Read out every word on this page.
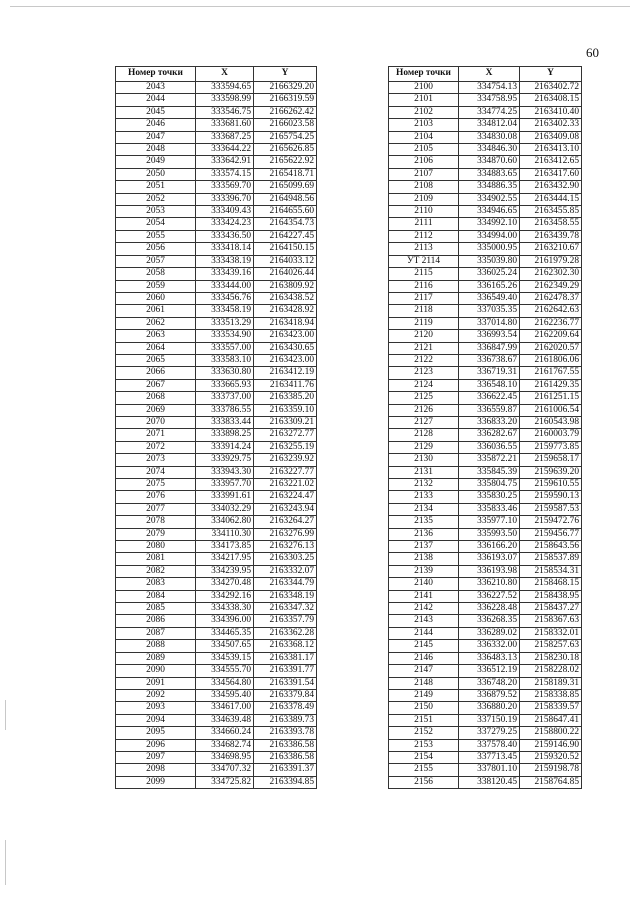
60
Номер точки	X	Y
2043	333594.65	2166329.20
2044	333598.99	2166319.59
2045	333546.75	2166262.42
2046	333681.60	2166023.58
2047	333687.25	2165754.25
2048	333644.22	2165626.85
2049	333642.91	2165622.92
2050	333574.15	2165418.71
2051	333569.70	2165099.69
2052	333396.70	2164948.56
2053	333409.43	2164655.60
2054	333424.23	2164354.73
2055	333436.50	2164227.45
2056	333418.14	2164150.15
2057	333438.19	2164033.12
2058	333439.16	2164026.44
2059	333444.00	2163809.92
2060	333456.76	2163438.52
2061	333458.19	2163428.92
2062	333513.29	2163418.94
2063	333534.90	2163423.00
2064	333557.00	2163430.65
2065	333583.10	2163423.00
2066	333630.80	2163412.19
2067	333665.93	2163411.76
2068	333737.00	2163385.20
2069	333786.55	2163359.10
2070	333833.44	2163309.21
2071	333898.25	2163272.77
2072	333914.24	2163255.19
2073	333929.75	2163239.92
2074	333943.30	2163227.77
2075	333957.70	2163221.02
2076	333991.61	2163224.47
2077	334032.29	2163243.94
2078	334062.80	2163264.27
2079	334110.30	2163276.99
2080	334173.85	2163276.13
2081	334217.95	2163303.25
2082	334239.95	2163332.07
2083	334270.48	2163344.79
2084	334292.16	2163348.19
2085	334338.30	2163347.32
2086	334396.00	2163357.79
2087	334465.35	2163362.28
2088	334507.65	2163368.12
2089	334539.15	2163381.17
2090	334555.70	2163391.77
2091	334564.80	2163391.54
2092	334595.40	2163379.84
2093	334617.00	2163378.49
2094	334639.48	2163389.73
2095	334660.24	2163393.78
2096	334682.74	2163386.58
2097	334698.95	2163386.58
2098	334707.32	2163391.37
2099	334725.82	2163394.85
Номер точки	X	Y
2100	334754.13	2163402.72
2101	334758.95	2163408.15
2102	334774.25	2163410.40
2103	334812.04	2163402.33
2104	334830.08	2163409.08
2105	334846.30	2163413.10
2106	334870.60	2163412.65
2107	334883.65	2163417.60
2108	334886.35	2163432.90
2109	334902.55	2163444.15
2110	334946.65	2163455.85
2111	334992.10	2163458.55
2112	334994.00	2163439.78
2113	335000.95	2163210.67
УТ 2114	335039.80	2161979.28
2115	336025.24	2162302.30
2116	336165.26	2162349.29
2117	336549.40	2162478.37
2118	337035.35	2162642.63
2119	337014.80	2162236.77
2120	336993.54	2162209.64
2121	336847.99	2162020.57
2122	336738.67	2161806.06
2123	336719.31	2161767.55
2124	336548.10	2161429.35
2125	336622.45	2161251.15
2126	336559.87	2161006.54
2127	336833.20	2160543.98
2128	336282.67	2160003.79
2129	336036.55	2159773.85
2130	335872.21	2159658.17
2131	335845.39	2159639.20
2132	335804.75	2159610.55
2133	335830.25	2159590.13
2134	335833.46	2159587.53
2135	335977.10	2159472.76
2136	335993.50	2159456.77
2137	336166.20	2158643.56
2138	336193.07	2158537.89
2139	336193.98	2158534.31
2140	336210.80	2158468.15
2141	336227.52	2158438.95
2142	336228.48	2158437.27
2143	336268.35	2158367.63
2144	336289.02	2158332.01
2145	336332.00	2158257.63
2146	336483.13	2158230.18
2147	336512.19	2158228.02
2148	336748.20	2158189.31
2149	336879.52	2158338.85
2150	336880.20	2158339.57
2151	337150.19	2158647.41
2152	337279.25	2158800.22
2153	337578.40	2159146.90
2154	337713.45	2159320.52
2155	337801.10	2159198.78
2156	338120.45	2158764.85
